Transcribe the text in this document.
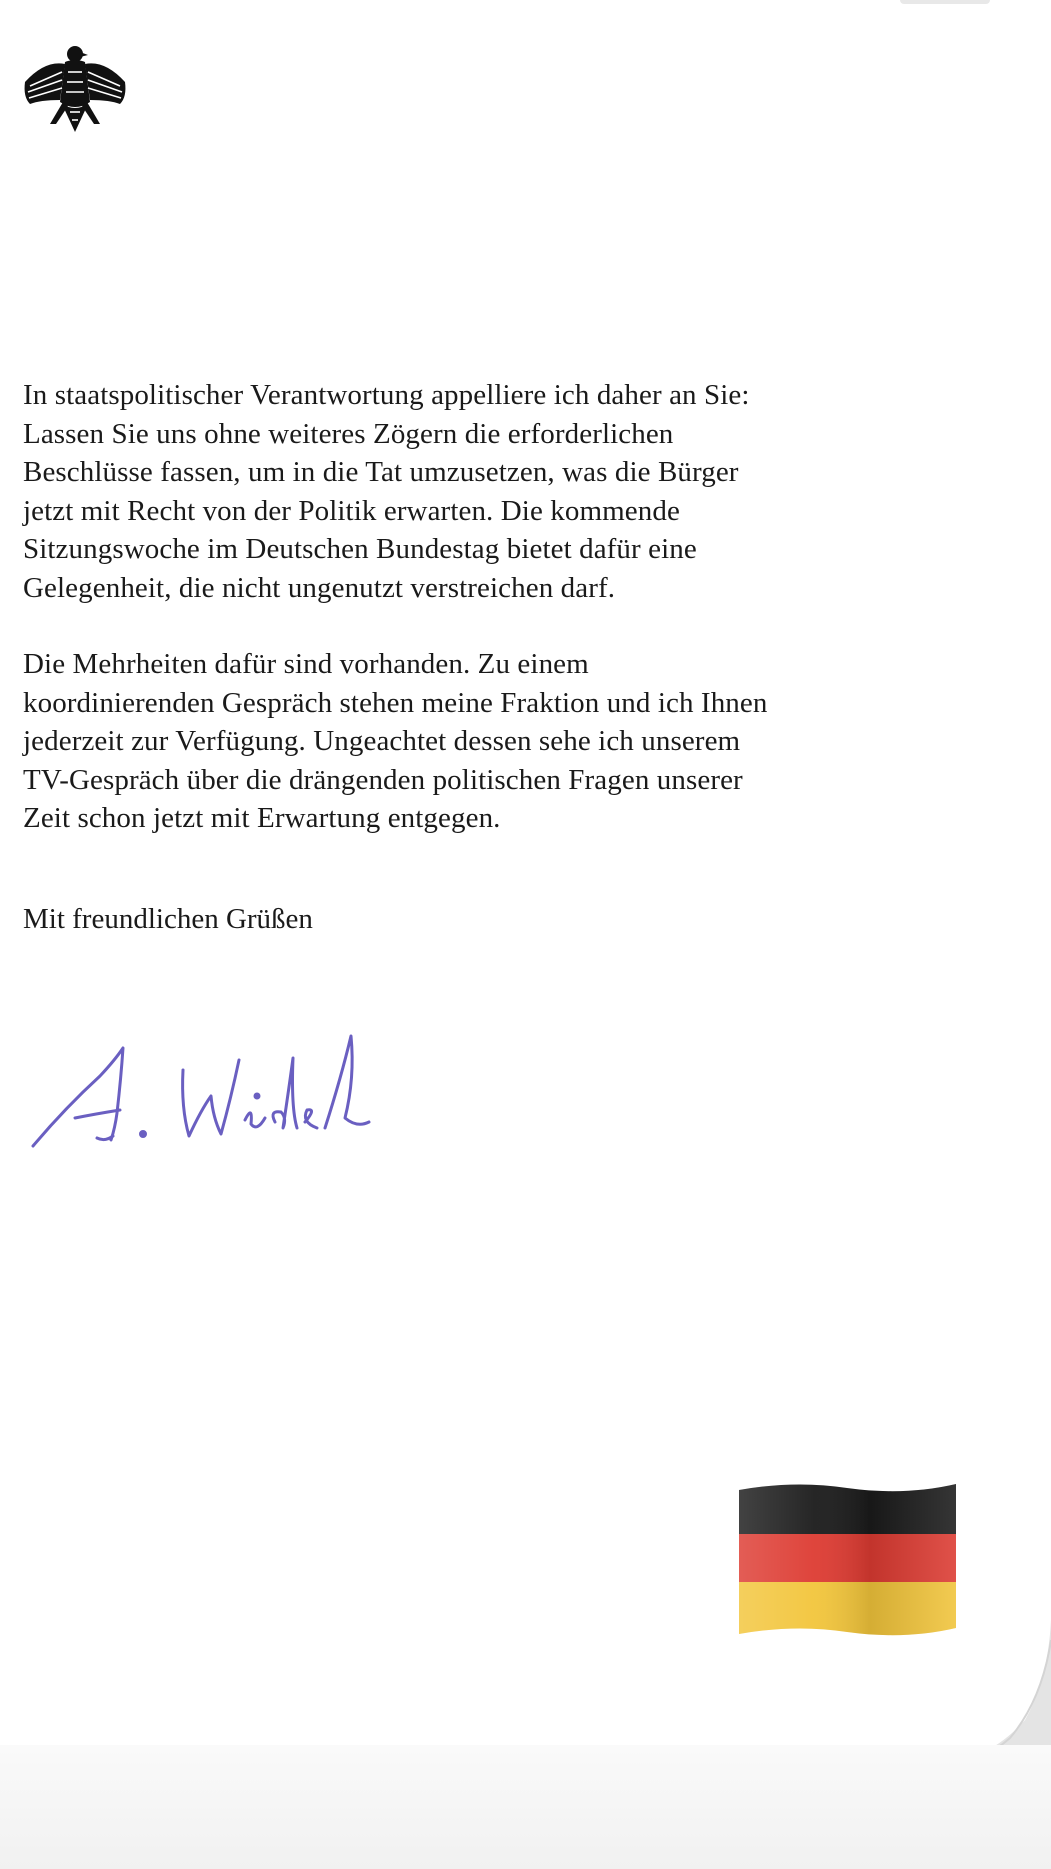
In staatspolitischer Verantwortung appelliere ich daher an Sie:
Lassen Sie uns ohne weiteres Zögern die erforderlichen
Beschlüsse fassen, um in die Tat umzusetzen, was die Bürger
jetzt mit Recht von der Politik erwarten. Die kommende
Sitzungswoche im Deutschen Bundestag bietet dafür eine
Gelegenheit, die nicht ungenutzt verstreichen darf.

Die Mehrheiten dafür sind vorhanden. Zu einem
koordinierenden Gespräch stehen meine Fraktion und ich Ihnen
jederzeit zur Verfügung. Ungeachtet dessen sehe ich unserem
TV-Gespräch über die drängenden politischen Fragen unserer
Zeit schon jetzt mit Erwartung entgegen.

Mit freundlichen Grüßen
